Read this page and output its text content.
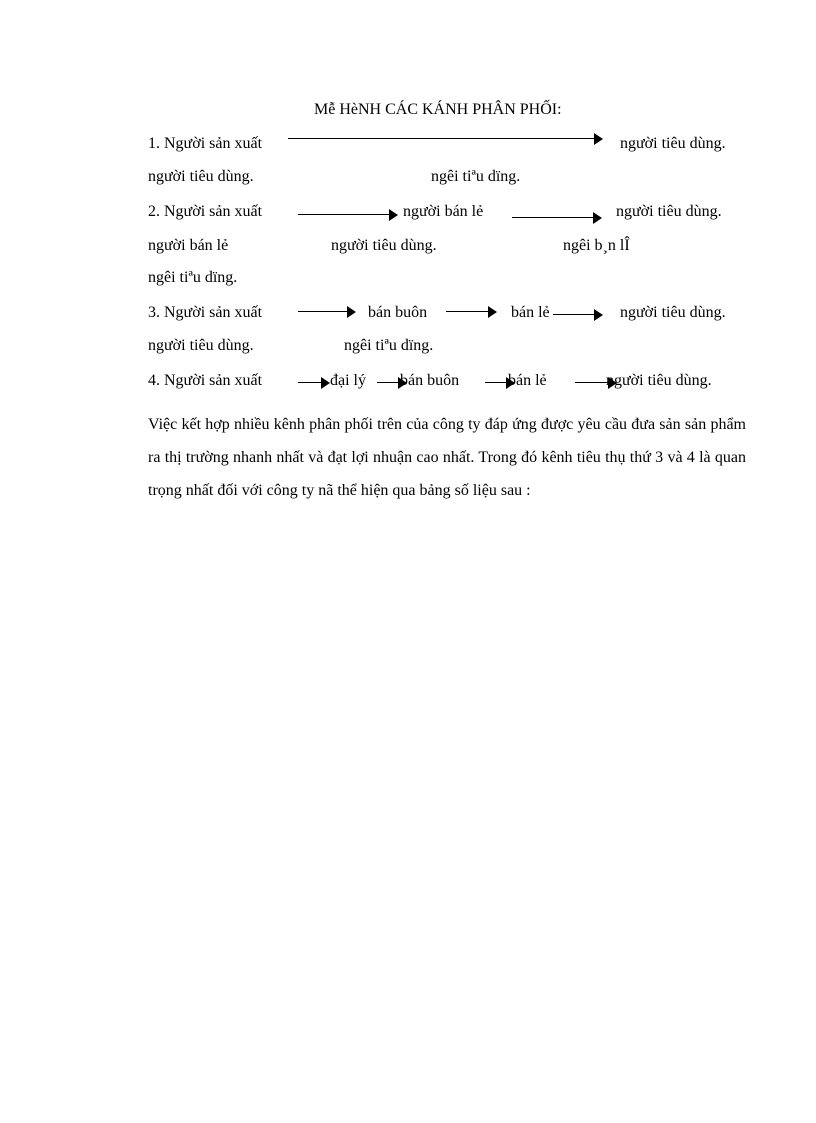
Mễ HèNH CÁC KÁNH PHÂN PHỐI:
1. Người sản xuất	người tiêu dùng.
người tiêu dùng.	ngêi tiªu dïng.
2. Người sản xuất	người bán lẻ	người tiêu dùng.
người bán lẻ	người tiêu dùng.	ngêi b¸n lÎ
ngêi tiªu dïng.
3. Người sản xuất	bán buôn	bán lẻ	người tiêu dùng.
người tiêu dùng.	ngêi tiªu dïng.
4. Người sản xuất	đại lý bán buôn	bán lẻ	người tiêu dùng.
Việc kết hợp nhiều kênh phân phối trên của công ty đáp ứng được yêu cầu đưa sản sản phẩm ra thị trường nhanh nhất và đạt lợi nhuận cao nhất. Trong đó kênh tiêu thụ thứ 3 và 4 là quan trọng nhất đối với công ty nã thể hiện qua bảng số liệu sau :
